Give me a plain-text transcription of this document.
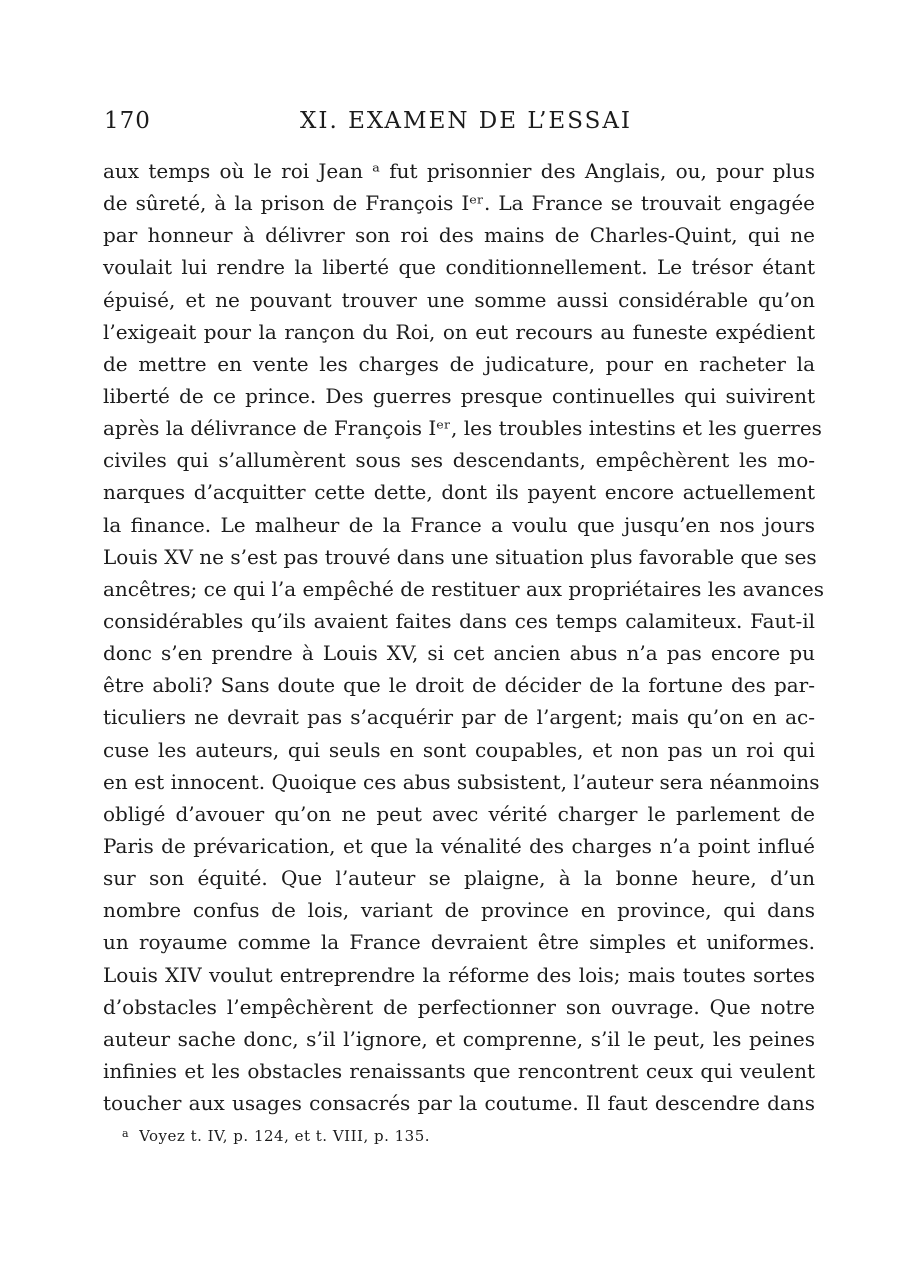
170	XI. EXAMEN DE L’ESSAI
aux temps où le roi Jean ᵃ fut prisonnier des Anglais, ou, pour plus
de sûreté, à la prison de François Iᵉʳ. La France se trouvait engagée
par honneur à délivrer son roi des mains de Charles-Quint, qui ne
voulait lui rendre la liberté que conditionnellement. Le trésor étant
épuisé, et ne pouvant trouver une somme aussi considérable qu’on
l’exigeait pour la rançon du Roi, on eut recours au funeste expédient
de mettre en vente les charges de judicature, pour en racheter la
liberté de ce prince. Des guerres presque continuelles qui suivirent
après la délivrance de François Iᵉʳ, les troubles intestins et les guerres
civiles qui s’allumèrent sous ses descendants, empêchèrent les mo-
narques d’acquitter cette dette, dont ils payent encore actuellement
la finance. Le malheur de la France a voulu que jusqu’en nos jours
Louis XV ne s’est pas trouvé dans une situation plus favorable que ses
ancêtres; ce qui l’a empêché de restituer aux propriétaires les avances
considérables qu’ils avaient faites dans ces temps calamiteux. Faut-il
donc s’en prendre à Louis XV, si cet ancien abus n’a pas encore pu
être aboli? Sans doute que le droit de décider de la fortune des par-
ticuliers ne devrait pas s’acquérir par de l’argent; mais qu’on en ac-
cuse les auteurs, qui seuls en sont coupables, et non pas un roi qui
en est innocent. Quoique ces abus subsistent, l’auteur sera néanmoins
obligé d’avouer qu’on ne peut avec vérité charger le parlement de
Paris de prévarication, et que la vénalité des charges n’a point influé
sur son équité. Que l’auteur se plaigne, à la bonne heure, d’un
nombre confus de lois, variant de province en province, qui dans
un royaume comme la France devraient être simples et uniformes.
Louis XIV voulut entreprendre la réforme des lois; mais toutes sortes
d’obstacles l’empêchèrent de perfectionner son ouvrage. Que notre
auteur sache donc, s’il l’ignore, et comprenne, s’il le peut, les peines
infinies et les obstacles renaissants que rencontrent ceux qui veulent
toucher aux usages consacrés par la coutume. Il faut descendre dans
$^a$ Voyez t. IV, p. 124, et t. VIII, p. 135.
